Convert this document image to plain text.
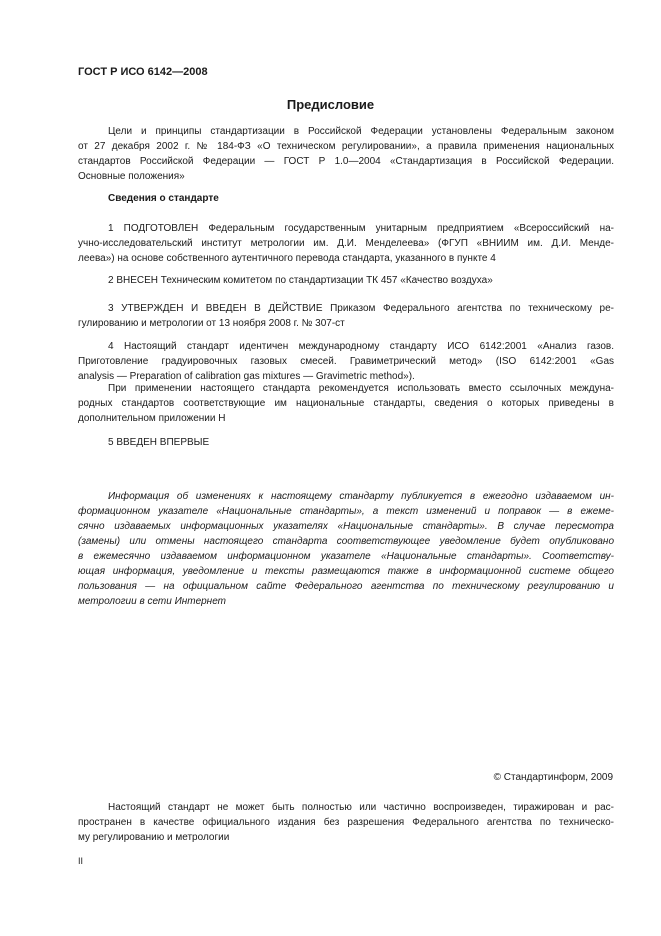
ГОСТ Р ИСО 6142—2008
Предисловие
Цели и принципы стандартизации в Российской Федерации установлены Федеральным законом
от 27 декабря 2002 г. № 184-ФЗ «О техническом регулировании», а правила применения национальных
стандартов Российской Федерации — ГОСТ Р 1.0—2004 «Стандартизация в Российской Федерации.
Основные положения»
Сведения о стандарте
1 ПОДГОТОВЛЕН Федеральным государственным унитарным предприятием «Всероссийский на-
учно-исследовательский институт метрологии им. Д.И. Менделеева» (ФГУП «ВНИИМ им. Д.И. Менде-
леева») на основе собственного аутентичного перевода стандарта, указанного в пункте 4
2 ВНЕСЕН Техническим комитетом по стандартизации ТК 457 «Качество воздуха»
3 УТВЕРЖДЕН И ВВЕДЕН В ДЕЙСТВИЕ Приказом Федерального агентства по техническому ре-
гулированию и метрологии от 13 ноября 2008 г. № 307-ст
4 Настоящий стандарт идентичен международному стандарту ИСО 6142:2001 «Анализ газов.
Приготовление градуировочных газовых смесей. Гравиметрический метод» (ISO 6142:2001 «Gas
analysis — Preparation of calibration gas mixtures — Gravimetric method»).
При применении настоящего стандарта рекомендуется использовать вместо ссылочных междуна-
родных стандартов соответствующие им национальные стандарты, сведения о которых приведены в
дополнительном приложении Н
5 ВВЕДЕН ВПЕРВЫЕ
Информация об изменениях к настоящему стандарту публикуется в ежегодно издаваемом ин-
формационном указателе «Национальные стандарты», а текст изменений и поправок — в ежеме-
сячно издаваемых информационных указателях «Национальные стандарты». В случае пересмотра
(замены) или отмены настоящего стандарта соответствующее уведомление будет опубликовано
в ежемесячно издаваемом информационном указателе «Национальные стандарты». Соответству-
ющая информация, уведомление и тексты размещаются также в информационной системе общего
пользования — на официальном сайте Федерального агентства по техническому регулированию и
метрологии в сети Интернет
© Стандартинформ, 2009
Настоящий стандарт не может быть полностью или частично воспроизведен, тиражирован и рас-
пространен в качестве официального издания без разрешения Федерального агентства по техническо-
му регулированию и метрологии
II
